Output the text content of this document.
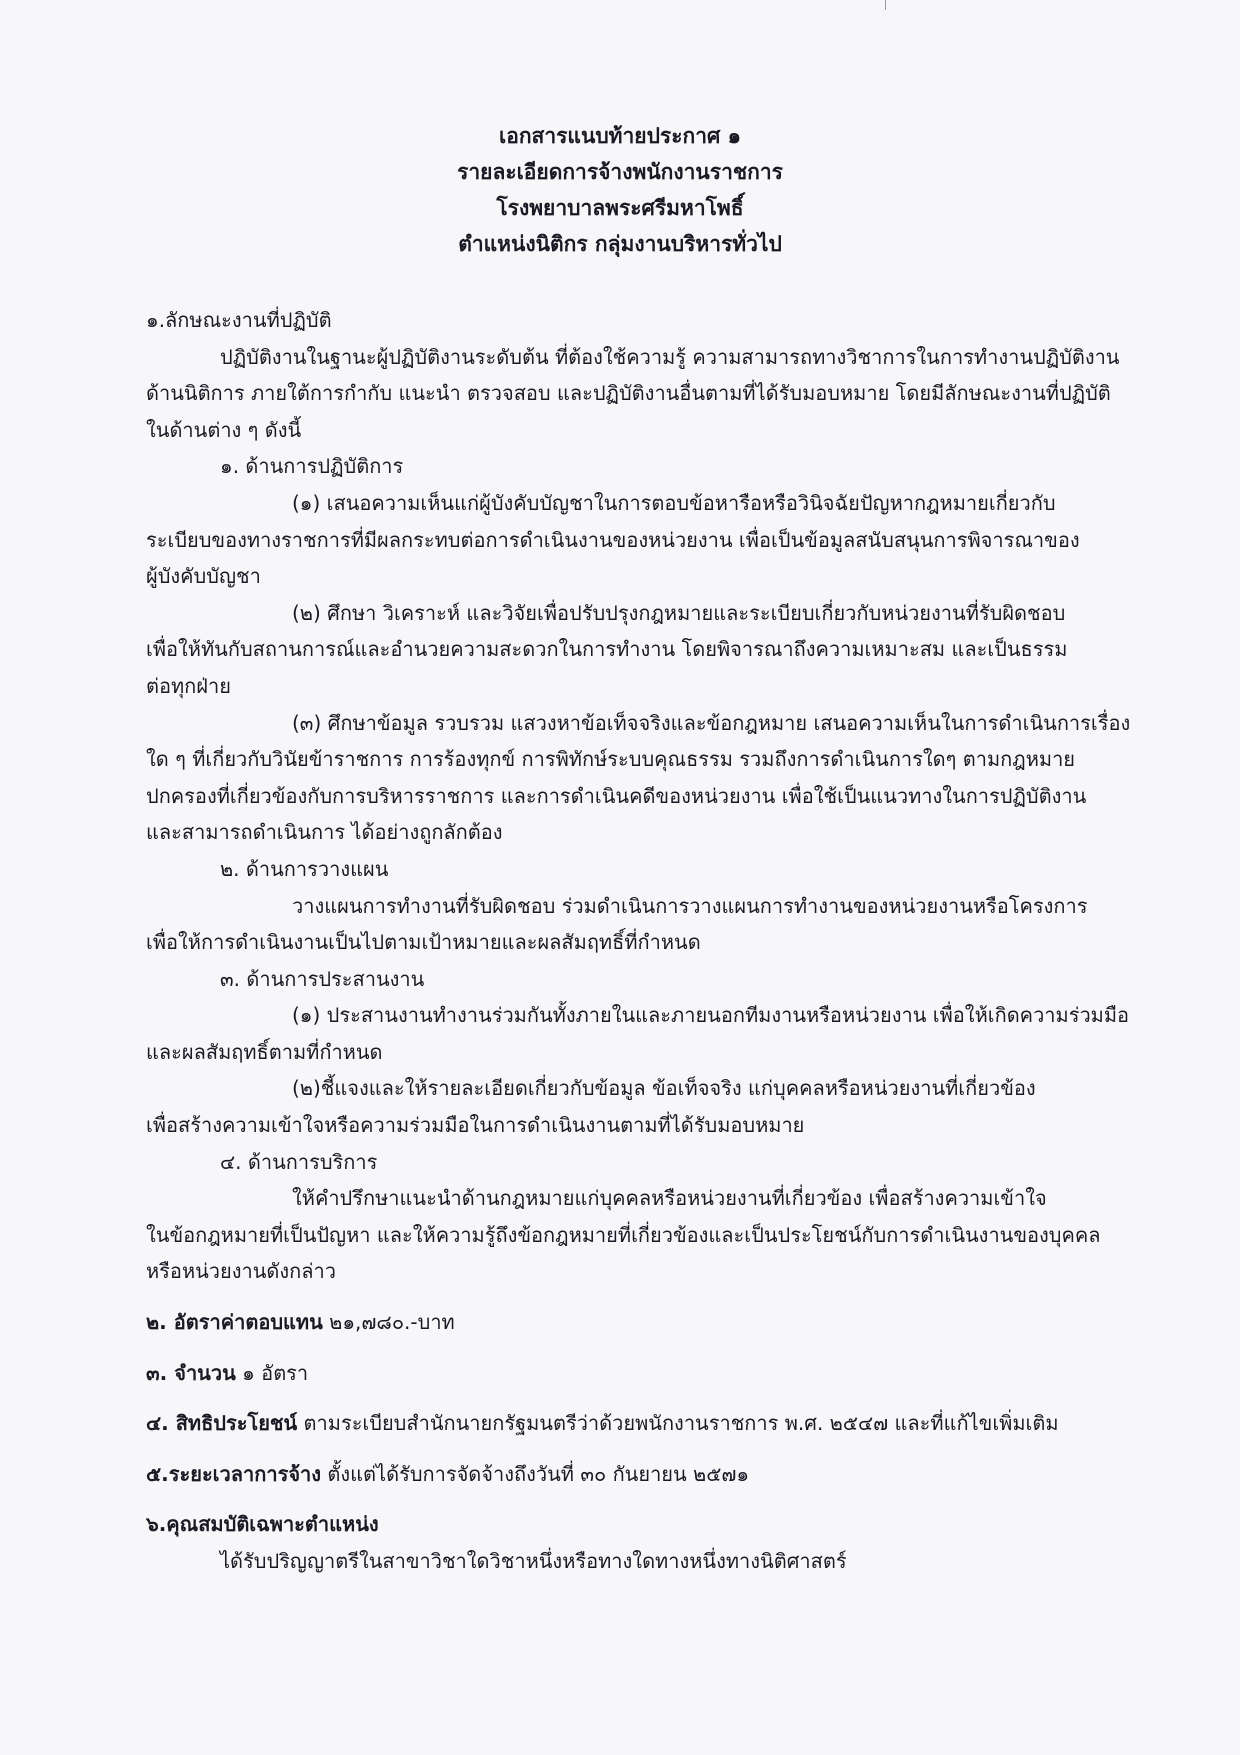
เอกสารแนบท้ายประกาศ ๑
รายละเอียดการจ้างพนักงานราชการ
โรงพยาบาลพระศรีมหาโพธิ์
ตำแหน่งนิติกร กลุ่มงานบริหารทั่วไป
๑.ลักษณะงานที่ปฏิบัติ
ปฏิบัติงานในฐานะผู้ปฏิบัติงานระดับต้น ที่ต้องใช้ความรู้ ความสามารถทางวิชาการในการทำงานปฏิบัติงาน
ด้านนิติการ ภายใต้การกำกับ แนะนำ ตรวจสอบ และปฏิบัติงานอื่นตามที่ได้รับมอบหมาย โดยมีลักษณะงานที่ปฏิบัติ
ในด้านต่าง ๆ ดังนี้
๑. ด้านการปฏิบัติการ
(๑) เสนอความเห็นแก่ผู้บังคับบัญชาในการตอบข้อหารือหรือวินิจฉัยปัญหากฎหมายเกี่ยวกับ
ระเบียบของทางราชการที่มีผลกระทบต่อการดำเนินงานของหน่วยงาน เพื่อเป็นข้อมูลสนับสนุนการพิจารณาของ
ผู้บังคับบัญชา
(๒) ศึกษา วิเคราะห์ และวิจัยเพื่อปรับปรุงกฎหมายและระเบียบเกี่ยวกับหน่วยงานที่รับผิดชอบ
เพื่อให้ทันกับสถานการณ์และอำนวยความสะดวกในการทำงาน โดยพิจารณาถึงความเหมาะสม และเป็นธรรม
ต่อทุกฝ่าย
(๓) ศึกษาข้อมูล รวบรวม แสวงหาข้อเท็จจริงและข้อกฎหมาย เสนอความเห็นในการดำเนินการเรื่อง
ใด ๆ ที่เกี่ยวกับวินัยข้าราชการ การร้องทุกข์ การพิทักษ์ระบบคุณธรรม รวมถึงการดำเนินการใดๆ ตามกฎหมาย
ปกครองที่เกี่ยวข้องกับการบริหารราชการ และการดำเนินคดีของหน่วยงาน เพื่อใช้เป็นแนวทางในการปฏิบัติงาน
และสามารถดำเนินการ ได้อย่างถูกลักต้อง
๒. ด้านการวางแผน
วางแผนการทำงานที่รับผิดชอบ ร่วมดำเนินการวางแผนการทำงานของหน่วยงานหรือโครงการ
เพื่อให้การดำเนินงานเป็นไปตามเป้าหมายและผลสัมฤทธิ์ที่กำหนด
๓. ด้านการประสานงาน
(๑) ประสานงานทำงานร่วมกันทั้งภายในและภายนอกทีมงานหรือหน่วยงาน เพื่อให้เกิดความร่วมมือ
และผลสัมฤทธิ์ตามที่กำหนด
(๒)ชี้แจงและให้รายละเอียดเกี่ยวกับข้อมูล ข้อเท็จจริง แก่บุคคลหรือหน่วยงานที่เกี่ยวข้อง
เพื่อสร้างความเข้าใจหรือความร่วมมือในการดำเนินงานตามที่ได้รับมอบหมาย
๔. ด้านการบริการ
ให้คำปรึกษาแนะนำด้านกฎหมายแก่บุคคลหรือหน่วยงานที่เกี่ยวข้อง เพื่อสร้างความเข้าใจ
ในข้อกฎหมายที่เป็นปัญหา และให้ความรู้ถึงข้อกฎหมายที่เกี่ยวข้องและเป็นประโยชน์กับการดำเนินงานของบุคคล
หรือหน่วยงานดังกล่าว
๒. อัตราค่าตอบแทน ๒๑,๗๘๐.-บาท
๓. จำนวน ๑ อัตรา
๔. สิทธิประโยชน์ ตามระเบียบสำนักนายกรัฐมนตรีว่าด้วยพนักงานราชการ พ.ศ. ๒๕๔๗ และที่แก้ไขเพิ่มเติม
๕.ระยะเวลาการจ้าง ตั้งแต่ได้รับการจัดจ้างถึงวันที่ ๓๐ กันยายน ๒๕๗๑
๖.คุณสมบัติเฉพาะตำแหน่ง
ได้รับปริญญาตรีในสาขาวิชาใดวิชาหนึ่งหรือทางใดทางหนึ่งทางนิติศาสตร์
